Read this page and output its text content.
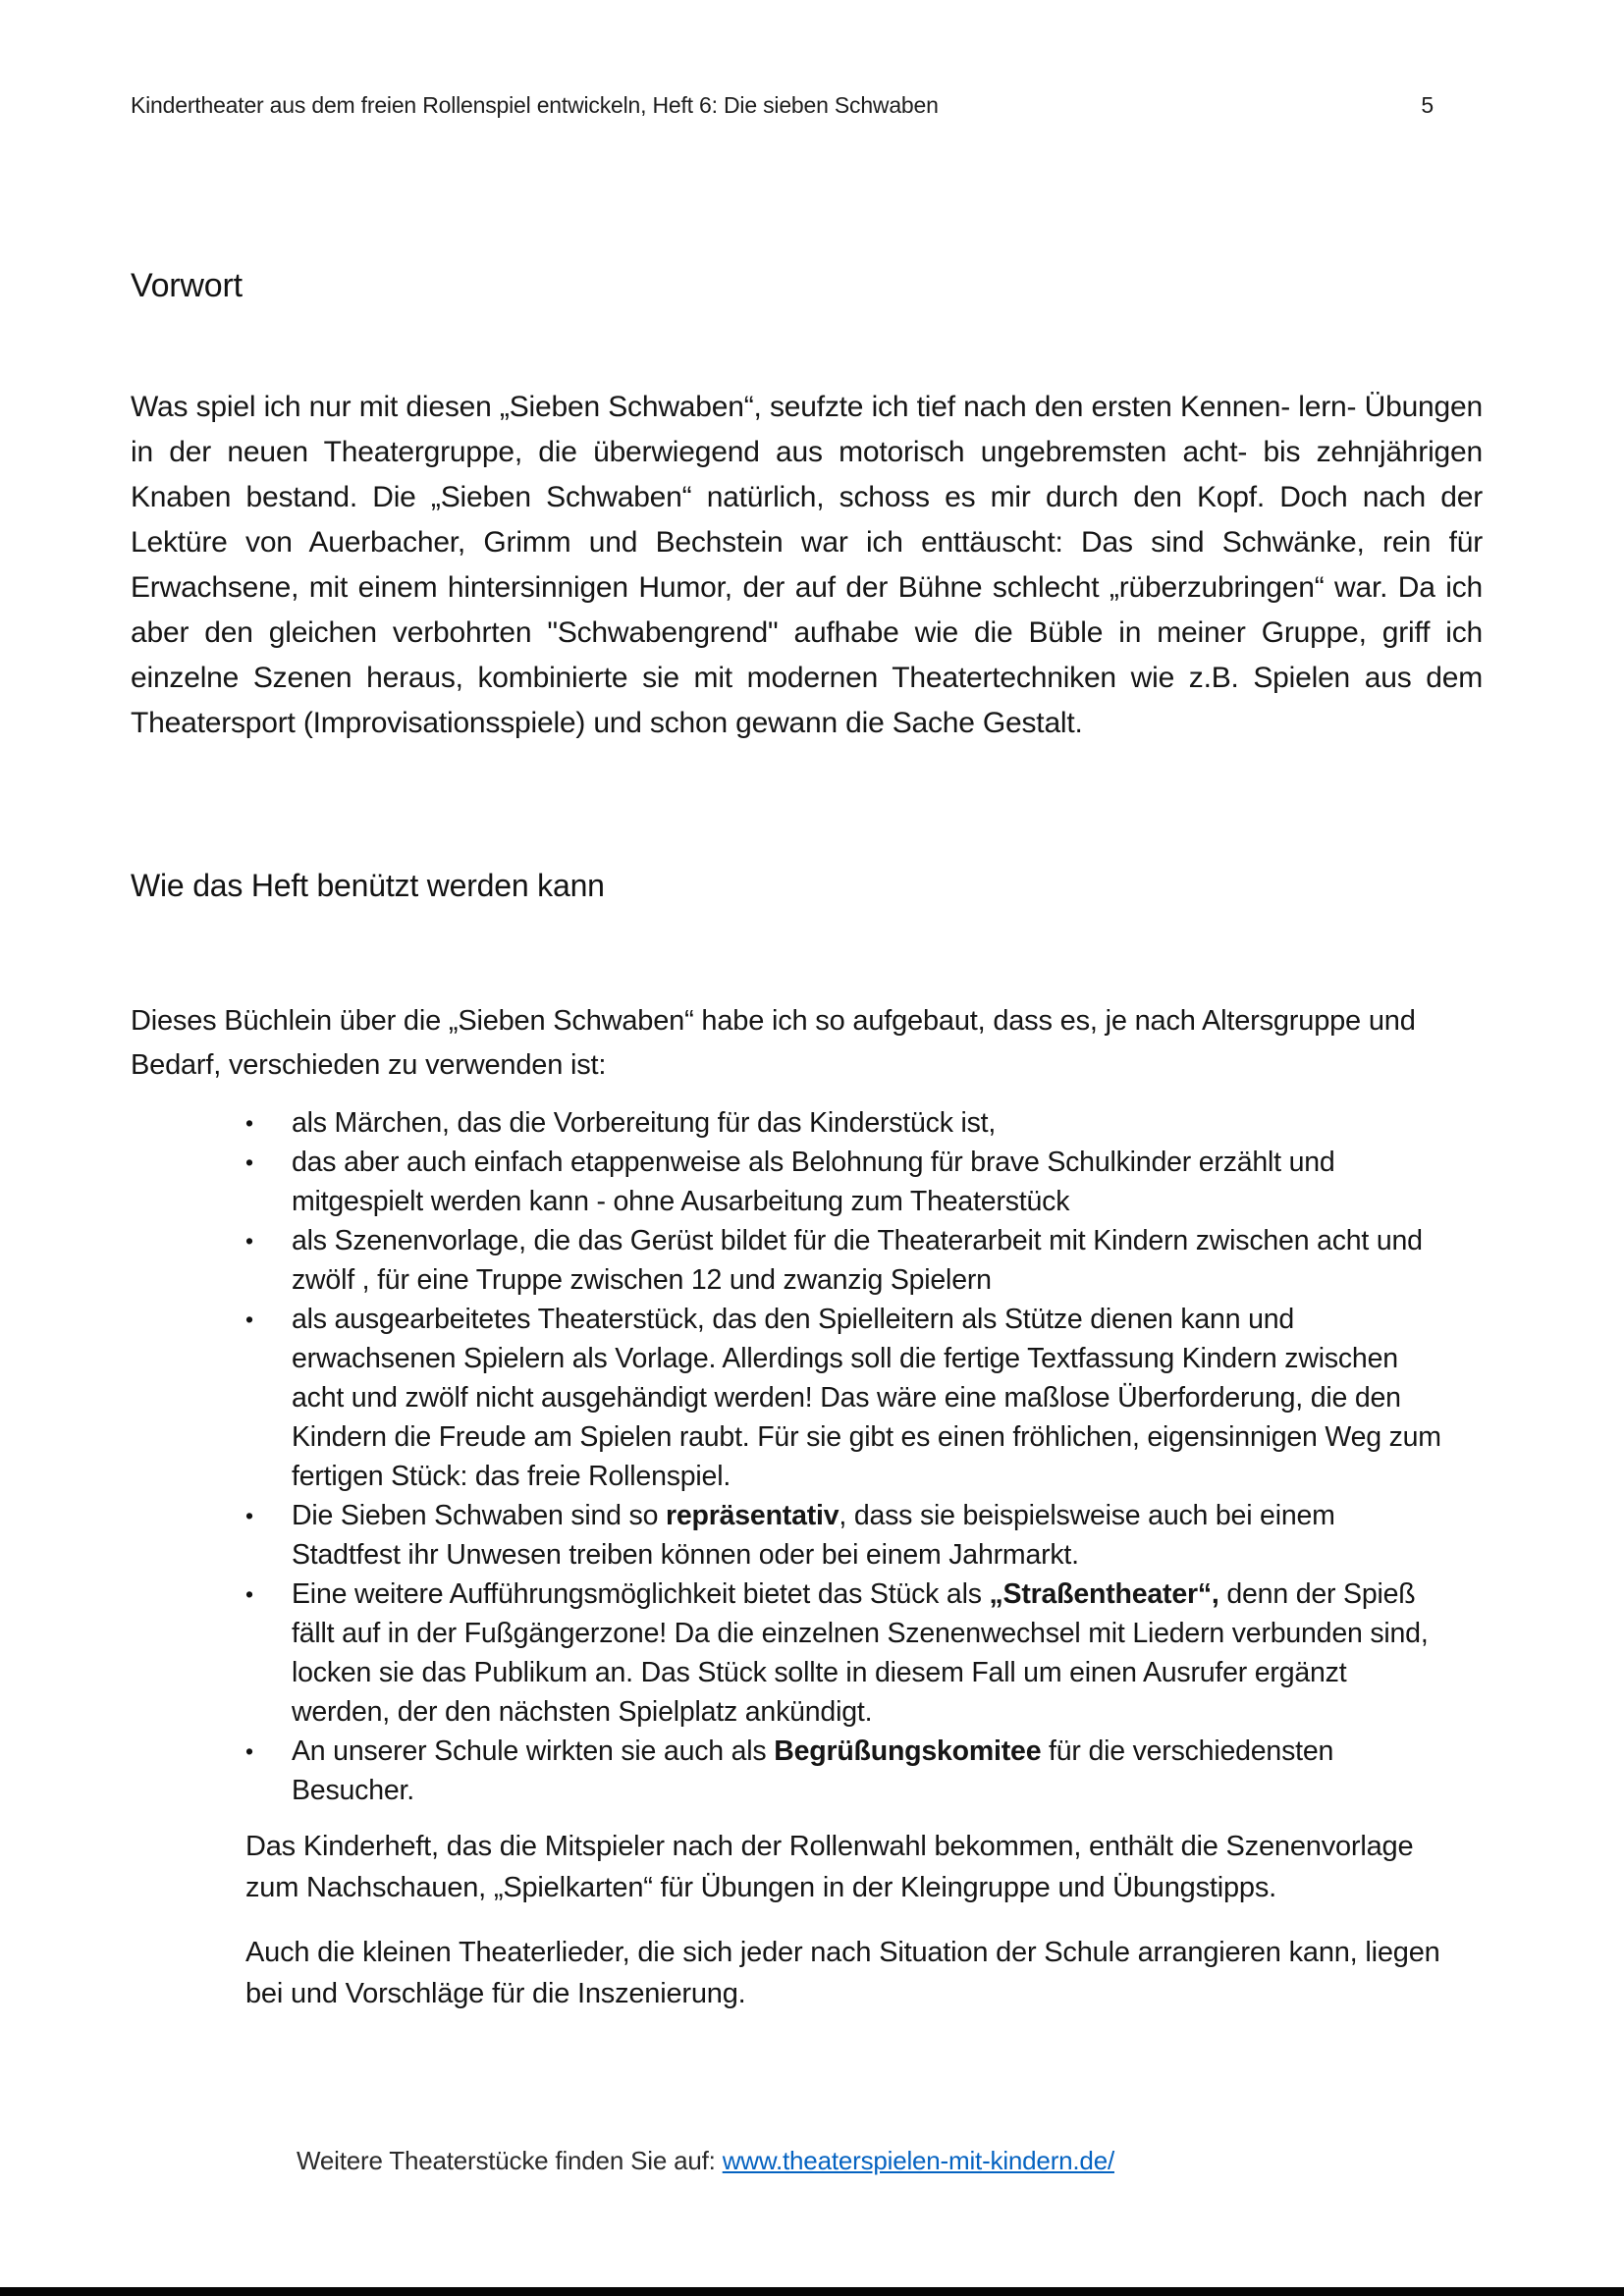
Kindertheater aus dem freien Rollenspiel entwickeln, Heft 6: Die sieben Schwaben	5
Vorwort

Was spiel ich nur mit diesen „Sieben Schwaben“, seufzte ich tief nach den ersten Kennen- lern- Übungen in der neuen Theatergruppe, die überwiegend aus motorisch ungebremsten acht- bis zehnjährigen Knaben bestand. Die „Sieben Schwaben“ natürlich, schoss es mir durch den Kopf. Doch nach der Lektüre von Auerbacher, Grimm und Bechstein war ich enttäuscht: Das sind Schwänke, rein für Erwachsene, mit einem hintersinnigen Humor, der auf der Bühne schlecht „rüberzubringen“ war. Da ich aber den gleichen verbohrten "Schwabengrend" aufhabe wie die Büble in meiner Gruppe, griff ich einzelne Szenen heraus, kombinierte sie mit modernen Theatertechniken wie z.B. Spielen aus dem Theatersport (Improvisationsspiele) und schon gewann die Sache Gestalt.

Wie das Heft benützt werden kann

Dieses Büchlein über die „Sieben Schwaben“ habe ich so aufgebaut, dass es, je nach Altersgruppe und Bedarf, verschieden zu verwenden ist:

•	als Märchen, das die Vorbereitung für das Kinderstück ist,
•	das aber auch einfach etappenweise als Belohnung für brave Schulkinder erzählt und mitgespielt werden kann - ohne Ausarbeitung zum Theaterstück
•	als Szenenvorlage, die das Gerüst bildet für die Theaterarbeit mit Kindern zwischen acht und zwölf , für eine Truppe zwischen 12 und zwanzig Spielern
•	als ausgearbeitetes Theaterstück, das den Spielleitern als Stütze dienen kann und erwachsenen Spielern als Vorlage. Allerdings soll die fertige Textfassung Kindern zwischen acht und zwölf nicht ausgehändigt werden! Das wäre eine maßlose Überforderung, die den Kindern die Freude am Spielen raubt. Für sie gibt es einen fröhlichen, eigensinnigen Weg zum fertigen Stück: das freie Rollenspiel.
•	Die Sieben Schwaben sind so repräsentativ, dass sie beispielsweise auch bei einem Stadtfest ihr Unwesen treiben können oder bei einem Jahrmarkt.
•	Eine weitere Aufführungsmöglichkeit bietet das Stück als „Straßentheater“, denn der Spieß fällt auf in der Fußgängerzone! Da die einzelnen Szenenwechsel mit Liedern verbunden sind, locken sie das Publikum an. Das Stück sollte in diesem Fall um einen Ausrufer ergänzt werden, der den nächsten Spielplatz ankündigt.
•	An unserer Schule wirkten sie auch als Begrüßungskomitee für die verschiedensten Besucher.

Das Kinderheft, das die Mitspieler nach der Rollenwahl bekommen, enthält die Szenenvorlage zum Nachschauen, „Spielkarten“ für Übungen in der Kleingruppe und Übungstipps.

Auch die kleinen Theaterlieder, die sich jeder nach Situation der Schule arrangieren kann, liegen bei und Vorschläge für die Inszenierung.

Weitere Theaterstücke finden Sie auf: www.theaterspielen-mit-kindern.de/
